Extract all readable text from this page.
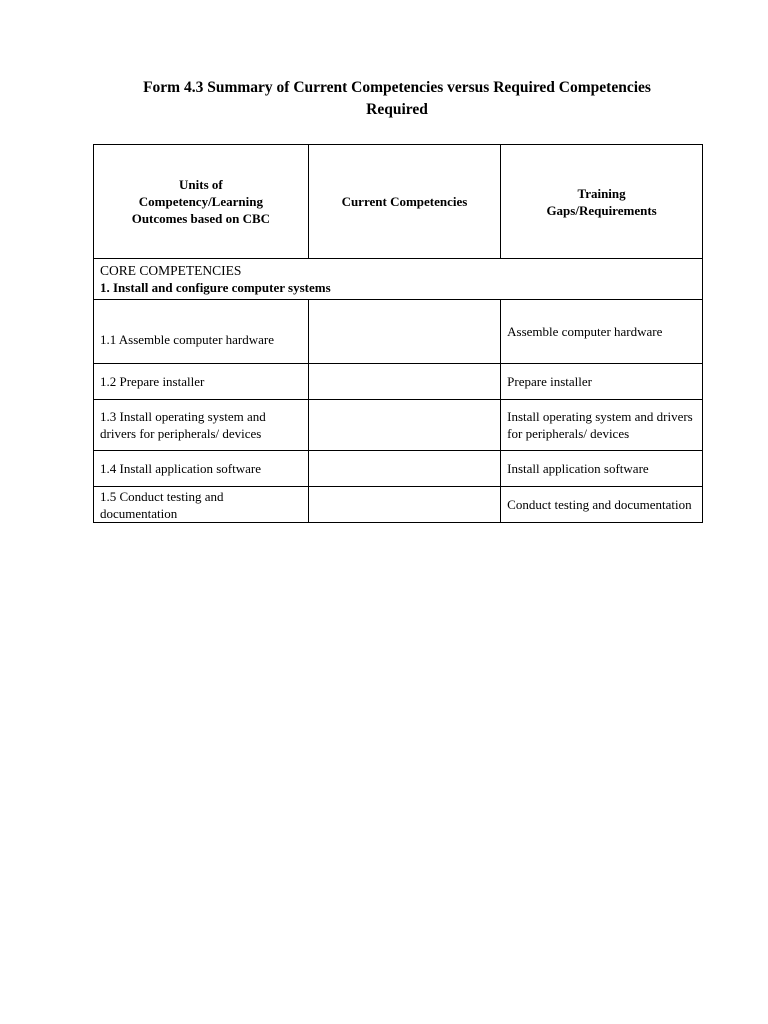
Form 4.3 Summary of Current Competencies versus Required Competencies
Required
Units of Competency/Learning Outcomes based on CBC	Current Competencies	Training Gaps/Requirements

CORE COMPETENCIES
1. Install and configure computer systems		

1.1 Assemble computer hardware		Assemble computer hardware
1.2 Prepare installer		Prepare installer
1.3 Install operating system and drivers for peripherals/ devices		Install operating system and drivers for peripherals/ devices
1.4 Install application software		Install application software
1.5 Conduct testing and documentation		Conduct testing and documentation
